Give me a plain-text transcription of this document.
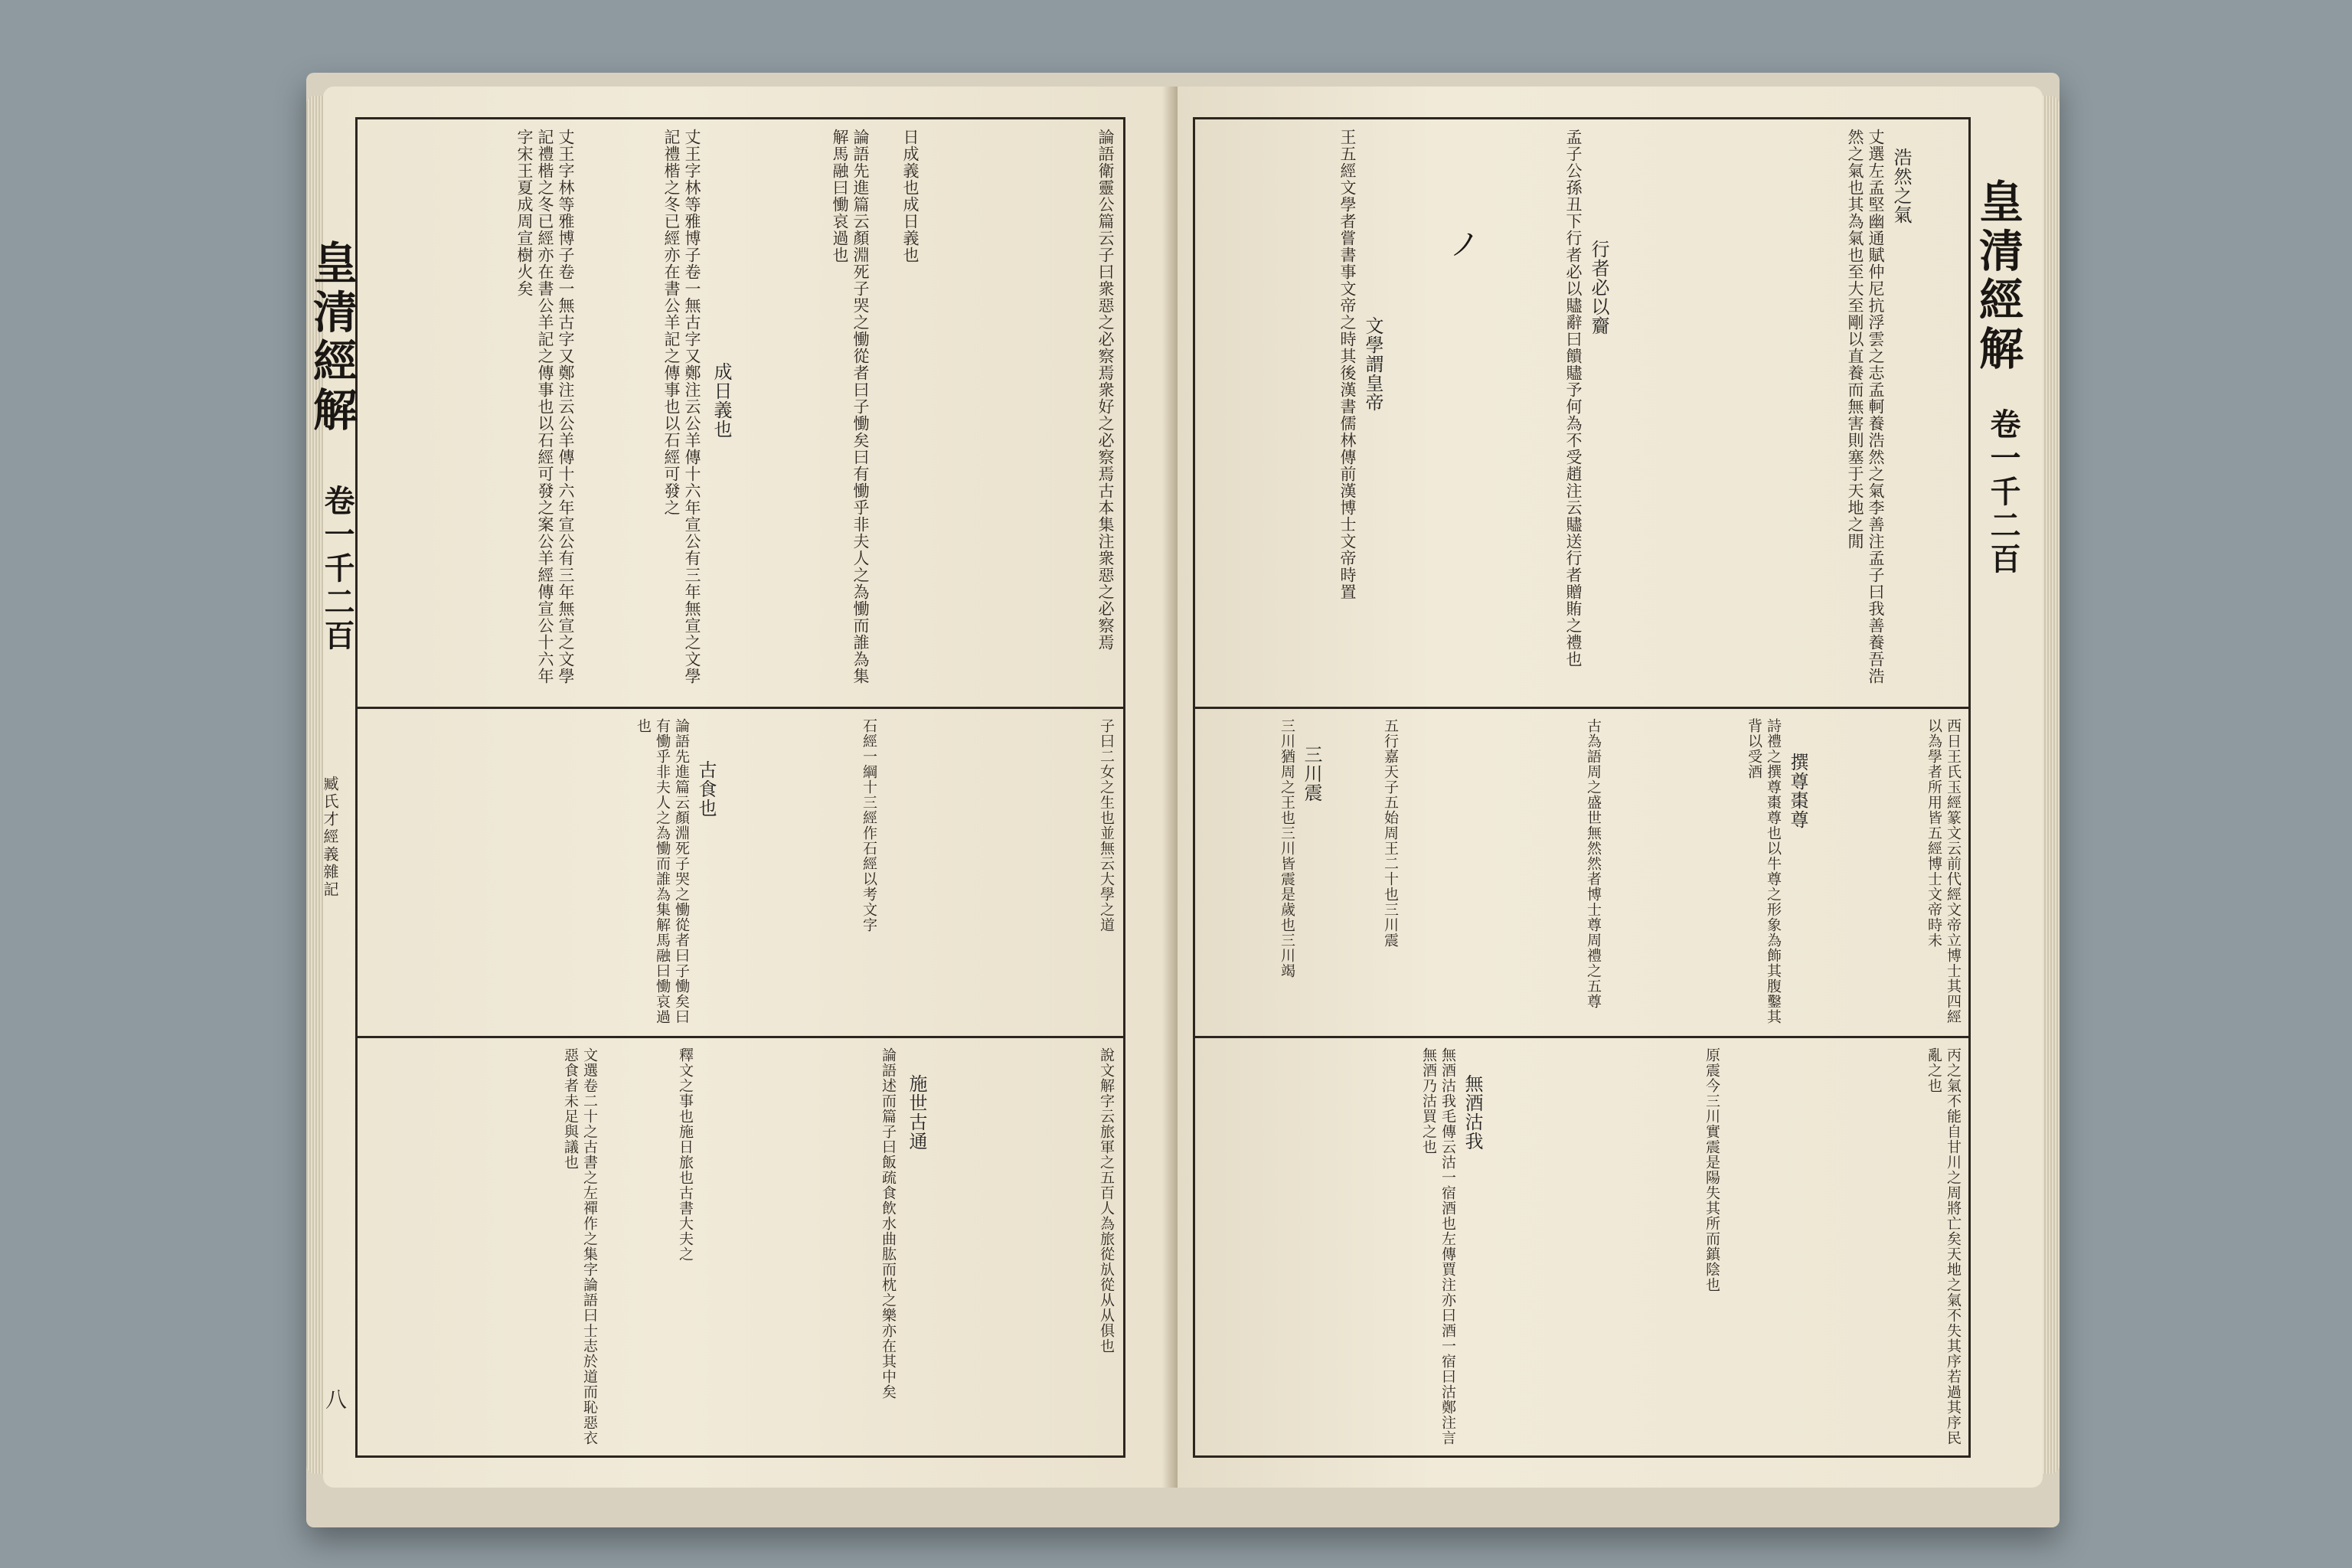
皇清經解
卷一千二百
臧氏才經義雜記
八
丈王字林等雅博子卷一無古字又鄭注云公羊傳十六年宣公有三年無宣之文學記禮楷之冬已經亦在書公羊記之傳事也以石經可發之案公羊經傳宣公十六年字宋王夏成周宣樹火矣	丈王字林等雅博子卷一無古字又鄭注云公羊傳十六年宣公有三年無宣之文學記禮楷之冬已經亦在書公羊記之傳事也以石經可發之	成日義也	論語先進篇云顏淵死子哭之慟從者曰子慟矣曰有慟乎非夫人之為慟而誰為集解馬融曰慟哀過也	日成義也成日義也	論語衛靈公篇云子曰衆惡之必察焉衆好之必察焉古本集注衆惡之必察焉
論語先進篇云顏淵死子哭之慟從者曰子慟矣曰有慟乎非夫人之為慟而誰為集解馬融曰慟哀過也
古食也	石經一綱十三經作石經以考文字	子曰二女之生也並無云大學之道
文選卷二十之古書之左禪作之集字論語曰士志於道而恥惡衣惡食者未足與議也	釋文之事也施日旅也古書大夫之	論語述而篇子曰飯疏食飲水曲肱而枕之樂亦在其中矣 施世古通	說文解字云旅軍之五百人為旅從㫃從从从俱也
皇清經解
卷一千二百
ノ
王五經文學者嘗書事文帝之時其後漢書儒林傳前漢博士文帝時置 文學謂皇帝	孟子公孫丑下行者必以贐辭曰饋贐予何為不受趙注云贐送行者贈賄之禮也 行者必以齎	丈選左孟堅幽通賦仲尼抗浮雲之志孟軻養浩然之氣李善注孟子曰我善養吾浩然之氣也其為氣也至大至剛以直養而無害則塞于天地之閒	浩然之氣
三川猶周之王也三川皆震是歲也三川竭 三川震	五行嘉天子五始周王二十也三川震	古為語周之盛世無然然者博士尊周禮之五尊	詩禮之撰尊棗尊也以牛尊之形象為飾其腹鑿其背以受酒
撰尊棗尊	西日王氏玉經篆文云前代經文帝立博士其四經以為學者所用皆五經博士文帝時未
無酒沽我毛傳云沽一宿酒也左傳賈注亦曰酒一宿曰沽鄭注言無酒乃沽買之也	無酒沽我	原震今三川實震是陽失其所而鎮陰也	丙之氣不能自甘川之周將亡矣天地之氣不失其序若過其序民亂之也
